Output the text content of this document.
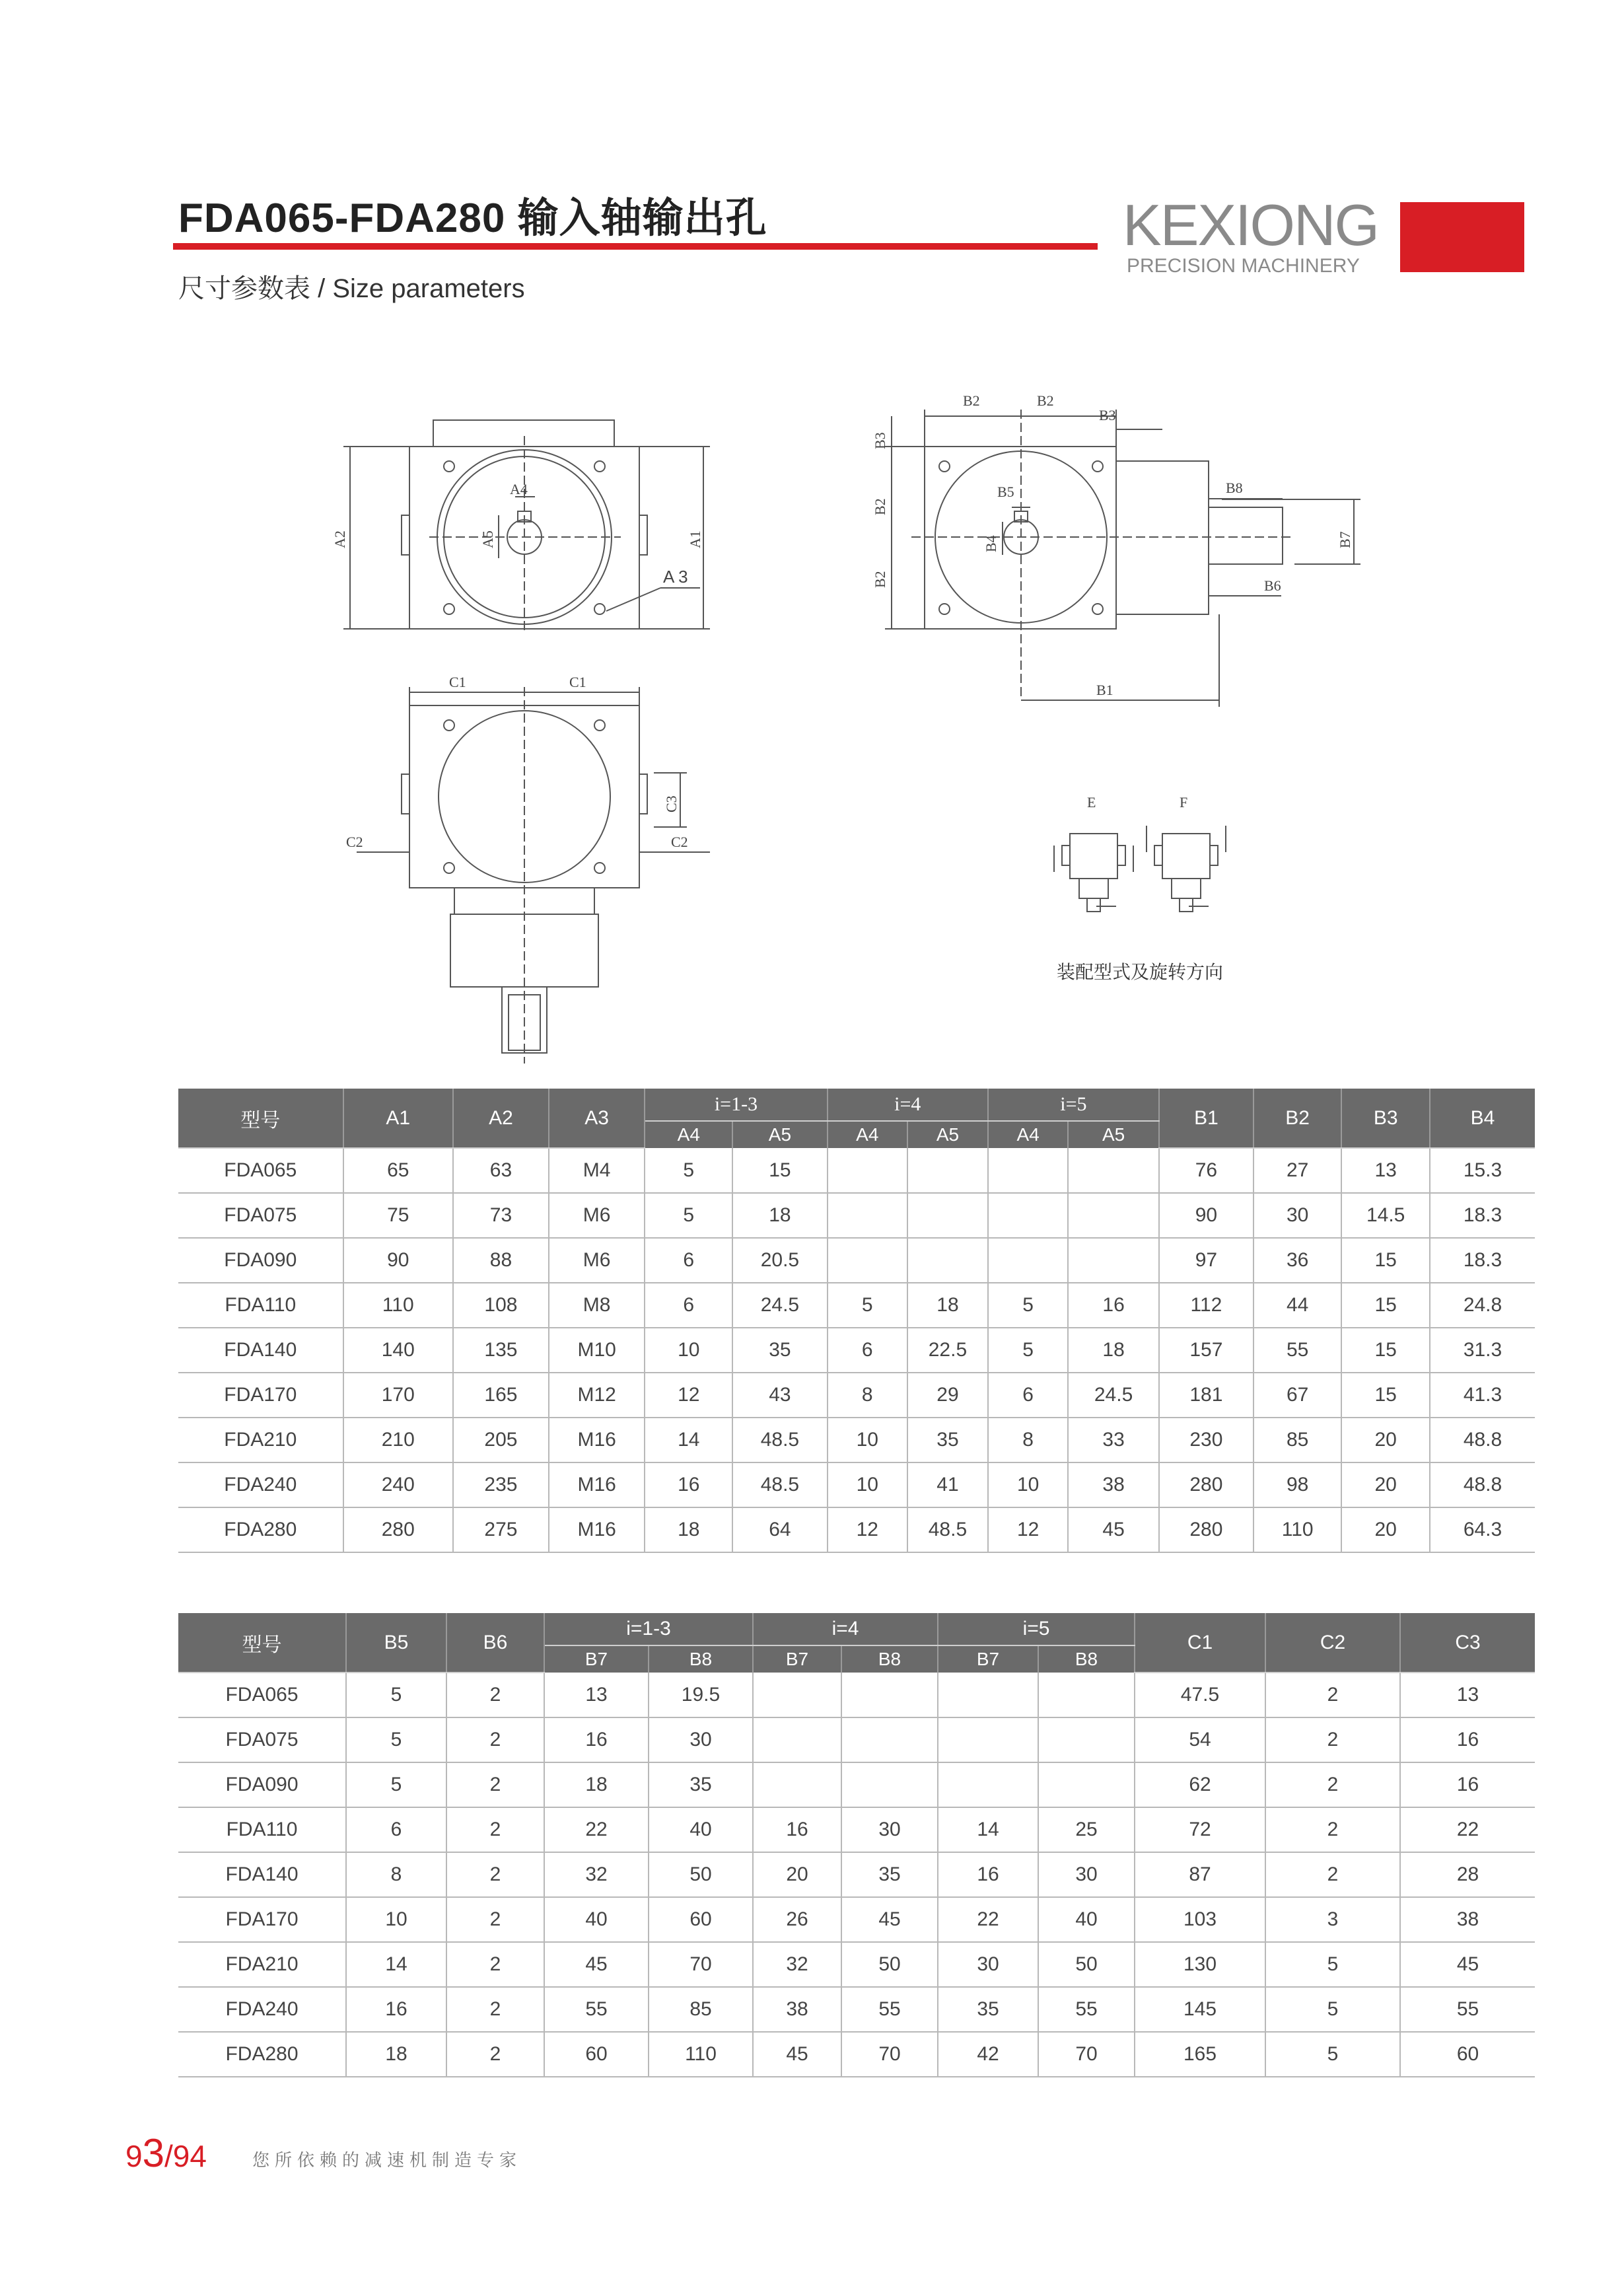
FDA065-FDA280 输入轴输出孔
尺寸参数表 / Size parameters
KEXIONG
PRECISION MACHINERY
A2	A1
A4
A5
A 3
B2	B2
B3
B3
B2
B2
B5
B4
B8
B7
B6
B1
C1	C1
C2	C2
C3	E	F
装配型式及旋转方向
型号	A1	A2	A3	i=1-3		i=4		i=5		B1	B2	B3	B4
				A4	A5	A4	A5	A4	A5				
FDA065	65	63	M4	5	15					76	27	13	15.3
FDA075	75	73	M6	5	18					90	30	14.5	18.3
FDA090	90	88	M6	6	20.5					97	36	15	18.3
FDA110	110	108	M8	6	24.5	5	18	5	16	112	44	15	24.8
FDA140	140	135	M10	10	35	6	22.5	5	18	157	55	15	31.3
FDA170	170	165	M12	12	43	8	29	6	24.5	181	67	15	41.3
FDA210	210	205	M16	14	48.5	10	35	8	33	230	85	20	48.8
FDA240	240	235	M16	16	48.5	10	41	10	38	280	98	20	48.8
FDA280	280	275	M16	18	64	12	48.5	12	45	280	110	20	64.3
型号	B5	B6	i=1-3		i=4		i=5		C1	C2	C3
			B7	B8	B7	B8	B7	B8			
FDA065	5	2	13	19.5					47.5	2	13
FDA075	5	2	16	30					54	2	16
FDA090	5	2	18	35					62	2	16
FDA110	6	2	22	40	16	30	14	25	72	2	22
FDA140	8	2	32	50	20	35	16	30	87	2	28
FDA170	10	2	40	60	26	45	22	40	103	3	38
FDA210	14	2	45	70	32	50	30	50	130	5	45
FDA240	16	2	55	85	38	55	35	55	145	5	55
FDA280	18	2	60	110	45	70	42	70	165	5	60
93/94	您所依赖的减速机制造专家
